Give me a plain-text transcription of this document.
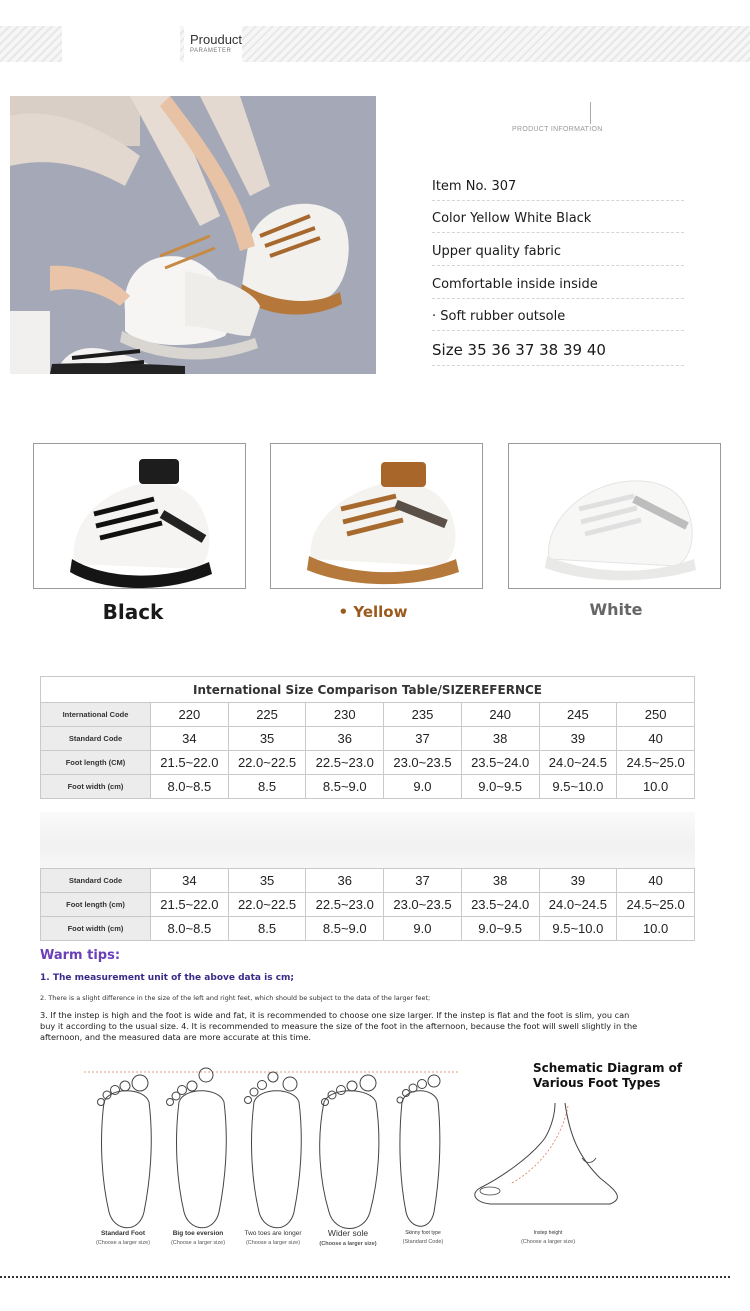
Prouduct
PARAMETER
PRODUCT INFORMATION
Item No. 307
Color Yellow White Black
Upper quality fabric
Comfortable inside inside
· Soft rubber outsole
Size 35 36 37 38 39 40
Black	• Yellow	White
International Size Comparison Table/SIZEREFERNCE							
International Code	220	225	230	235	240	245	250
Standard Code	34	35	36	37	38	39	40
Foot length (CM)	21.5~22.0	22.0~22.5	22.5~23.0	23.0~23.5	23.5~24.0	24.0~24.5	24.5~25.0
Foot width (cm)	8.0~8.5	8.5	8.5~9.0	9.0	9.0~9.5	9.5~10.0	10.0
Standard Code	34	35	36	37	38	39	40
Foot length (cm)	21.5~22.0	22.0~22.5	22.5~23.0	23.0~23.5	23.5~24.0	24.0~24.5	24.5~25.0
Foot width (cm)	8.0~8.5	8.5	8.5~9.0	9.0	9.0~9.5	9.5~10.0	10.0
Warm tips:
1. The measurement unit of the above data is cm;
2. There is a slight difference in the size of the left and right feet, which should be subject to the data of the larger feet;
3. If the instep is high and the foot is wide and fat, it is recommended to choose one size larger. If the instep is flat and the foot is slim, you can buy it according to the usual size. 4. It is recommended to measure the size of the foot in the afternoon, because the foot will swell slightly in the afternoon, and the measured data are more accurate at this time.
Standard Foot
(Choose a larger size)
Big toe eversion
(Choose a larger size)
Two toes are longer
(Choose a larger size)
Wider sole
(Choose a larger size)
Skinny foot type
(Standard Code)
Schematic Diagram of Various Foot Types
Instep height
(Choose a larger size)
